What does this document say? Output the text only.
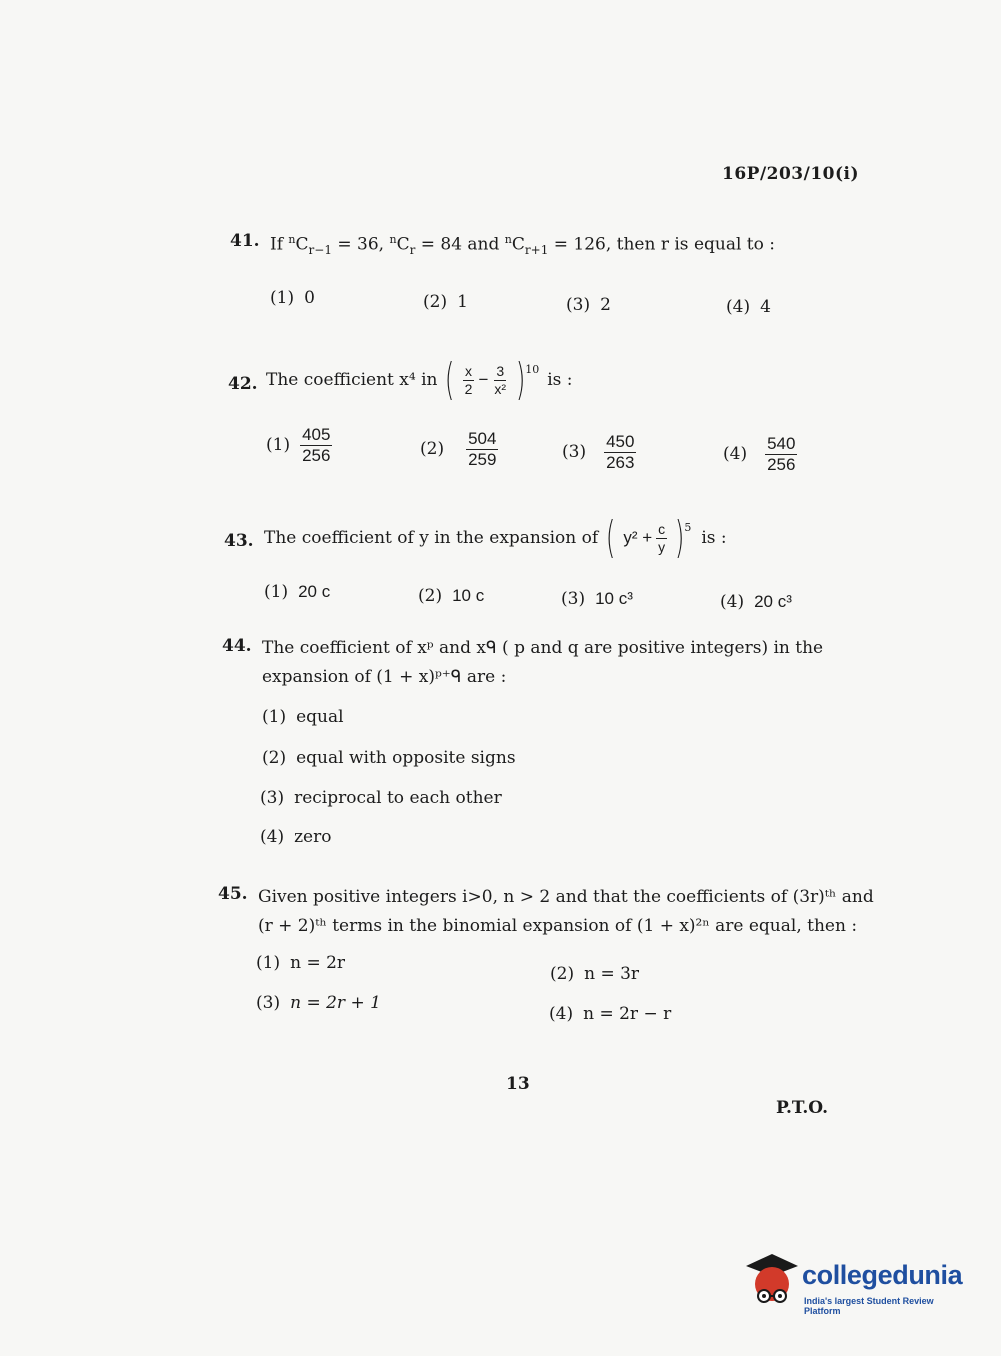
16P/203/10(i)
41. If $^nC_{r-1} = 36$, $^nC_r = 84$ and $^nC_{r+1} = 126$, then r is equal to :
(1) 0	(2) 1	(3) 2	(4) 4
42. The coefficient x⁴ in ( $\frac{x}{2} - \frac{3}{\text{x²}}$ ) 10
is :
$(1) \frac{405}{256}$	$(2) \frac{504}{259}$	$(3) \frac{450}{263}$	$(4) \frac{540}{256}$
43. The coefficient of y in the expansion of ( $y^2 + \frac{c}{y}$ ) 5
is :
(1) 20 c	(2) 10 c	(3) 10 c³	(4) 20 c³
44. The coefficient of xᵖ and xᑫ ( p and q are positive integers) in the
expansion of (1 + x)ᵖ⁺ᑫ are :
(1) equal
(2) equal with opposite signs
(3) reciprocal to each other
(4) zero
45. Given positive integers i>0, n > 2 and that the coefficients of (3r)ᵗʰ and
(r + 2)ᵗʰ terms in the binomial expansion of (1 + x)²ⁿ are equal, then :
(1) n = 2r
(2) n = 3r
(3) n = 2r + 1
(4) n = 2r − r
13
P.T.O.
collegedunia
India's largest Student Review Platform
